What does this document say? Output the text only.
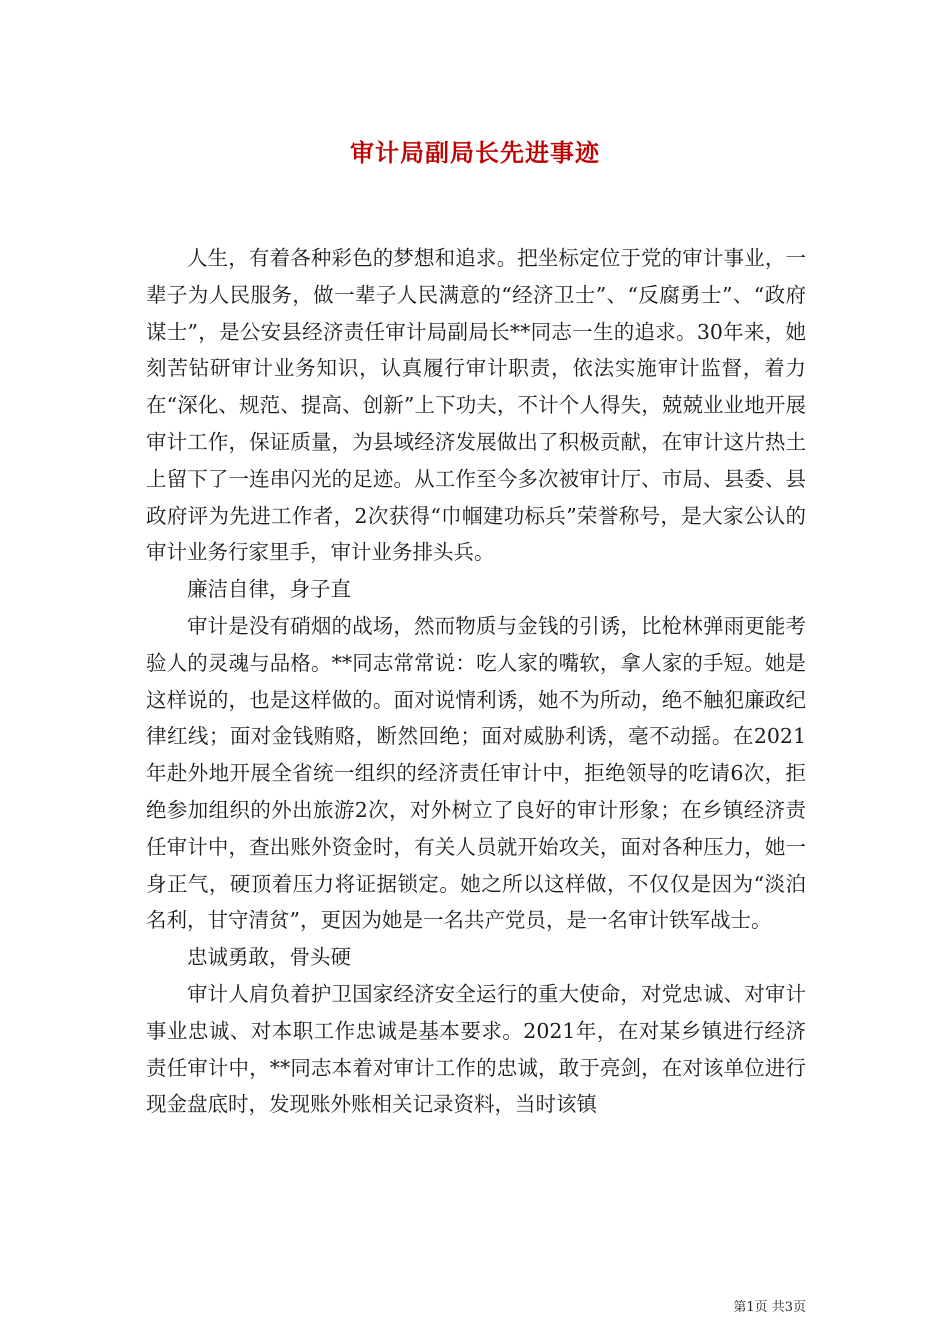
审计局副局长先进事迹

人生，有着各种彩色的梦想和追求。把坐标定位于党的审计事业，一辈子为人民服务，做一辈子人民满意的“经济卫士”、“反腐勇士”、“政府谋士”，是公安县经济责任审计局副局长**同志一生的追求。30年来，她刻苦钻研审计业务知识，认真履行审计职责，依法实施审计监督，着力在“深化、规范、提高、创新”上下功夫，不计个人得失，兢兢业业地开展审计工作，保证质量，为县域经济发展做出了积极贡献，在审计这片热土上留下了一连串闪光的足迹。从工作至今多次被审计厅、市局、县委、县政府评为先进工作者，2次获得“巾帼建功标兵”荣誉称号，是大家公认的审计业务行家里手，审计业务排头兵。

廉洁自律，身子直

审计是没有硝烟的战场，然而物质与金钱的引诱，比枪林弹雨更能考验人的灵魂与品格。**同志常常说：吃人家的嘴软，拿人家的手短。她是这样说的，也是这样做的。面对说情利诱，她不为所动，绝不触犯廉政纪律红线；面对金钱贿赂，断然回绝；面对威胁利诱，毫不动摇。在2021年赴外地开展全省统一组织的经济责任审计中，拒绝领导的吃请6次，拒绝参加组织的外出旅游2次，对外树立了良好的审计形象；在乡镇经济责任审计中，查出账外资金时，有关人员就开始攻关，面对各种压力，她一身正气，硬顶着压力将证据锁定。她之所以这样做，不仅仅是因为“淡泊名利，甘守清贫”，更因为她是一名共产党员，是一名审计铁军战士。

忠诚勇敢，骨头硬

审计人肩负着护卫国家经济安全运行的重大使命，对党忠诚、对审计事业忠诚、对本职工作忠诚是基本要求。2021年，在对某乡镇进行经济责任审计中，**同志本着对审计工作的忠诚，敢于亮剑，在对该单位进行现金盘底时，发现账外账相关记录资料，当时该镇

第1页 共3页
